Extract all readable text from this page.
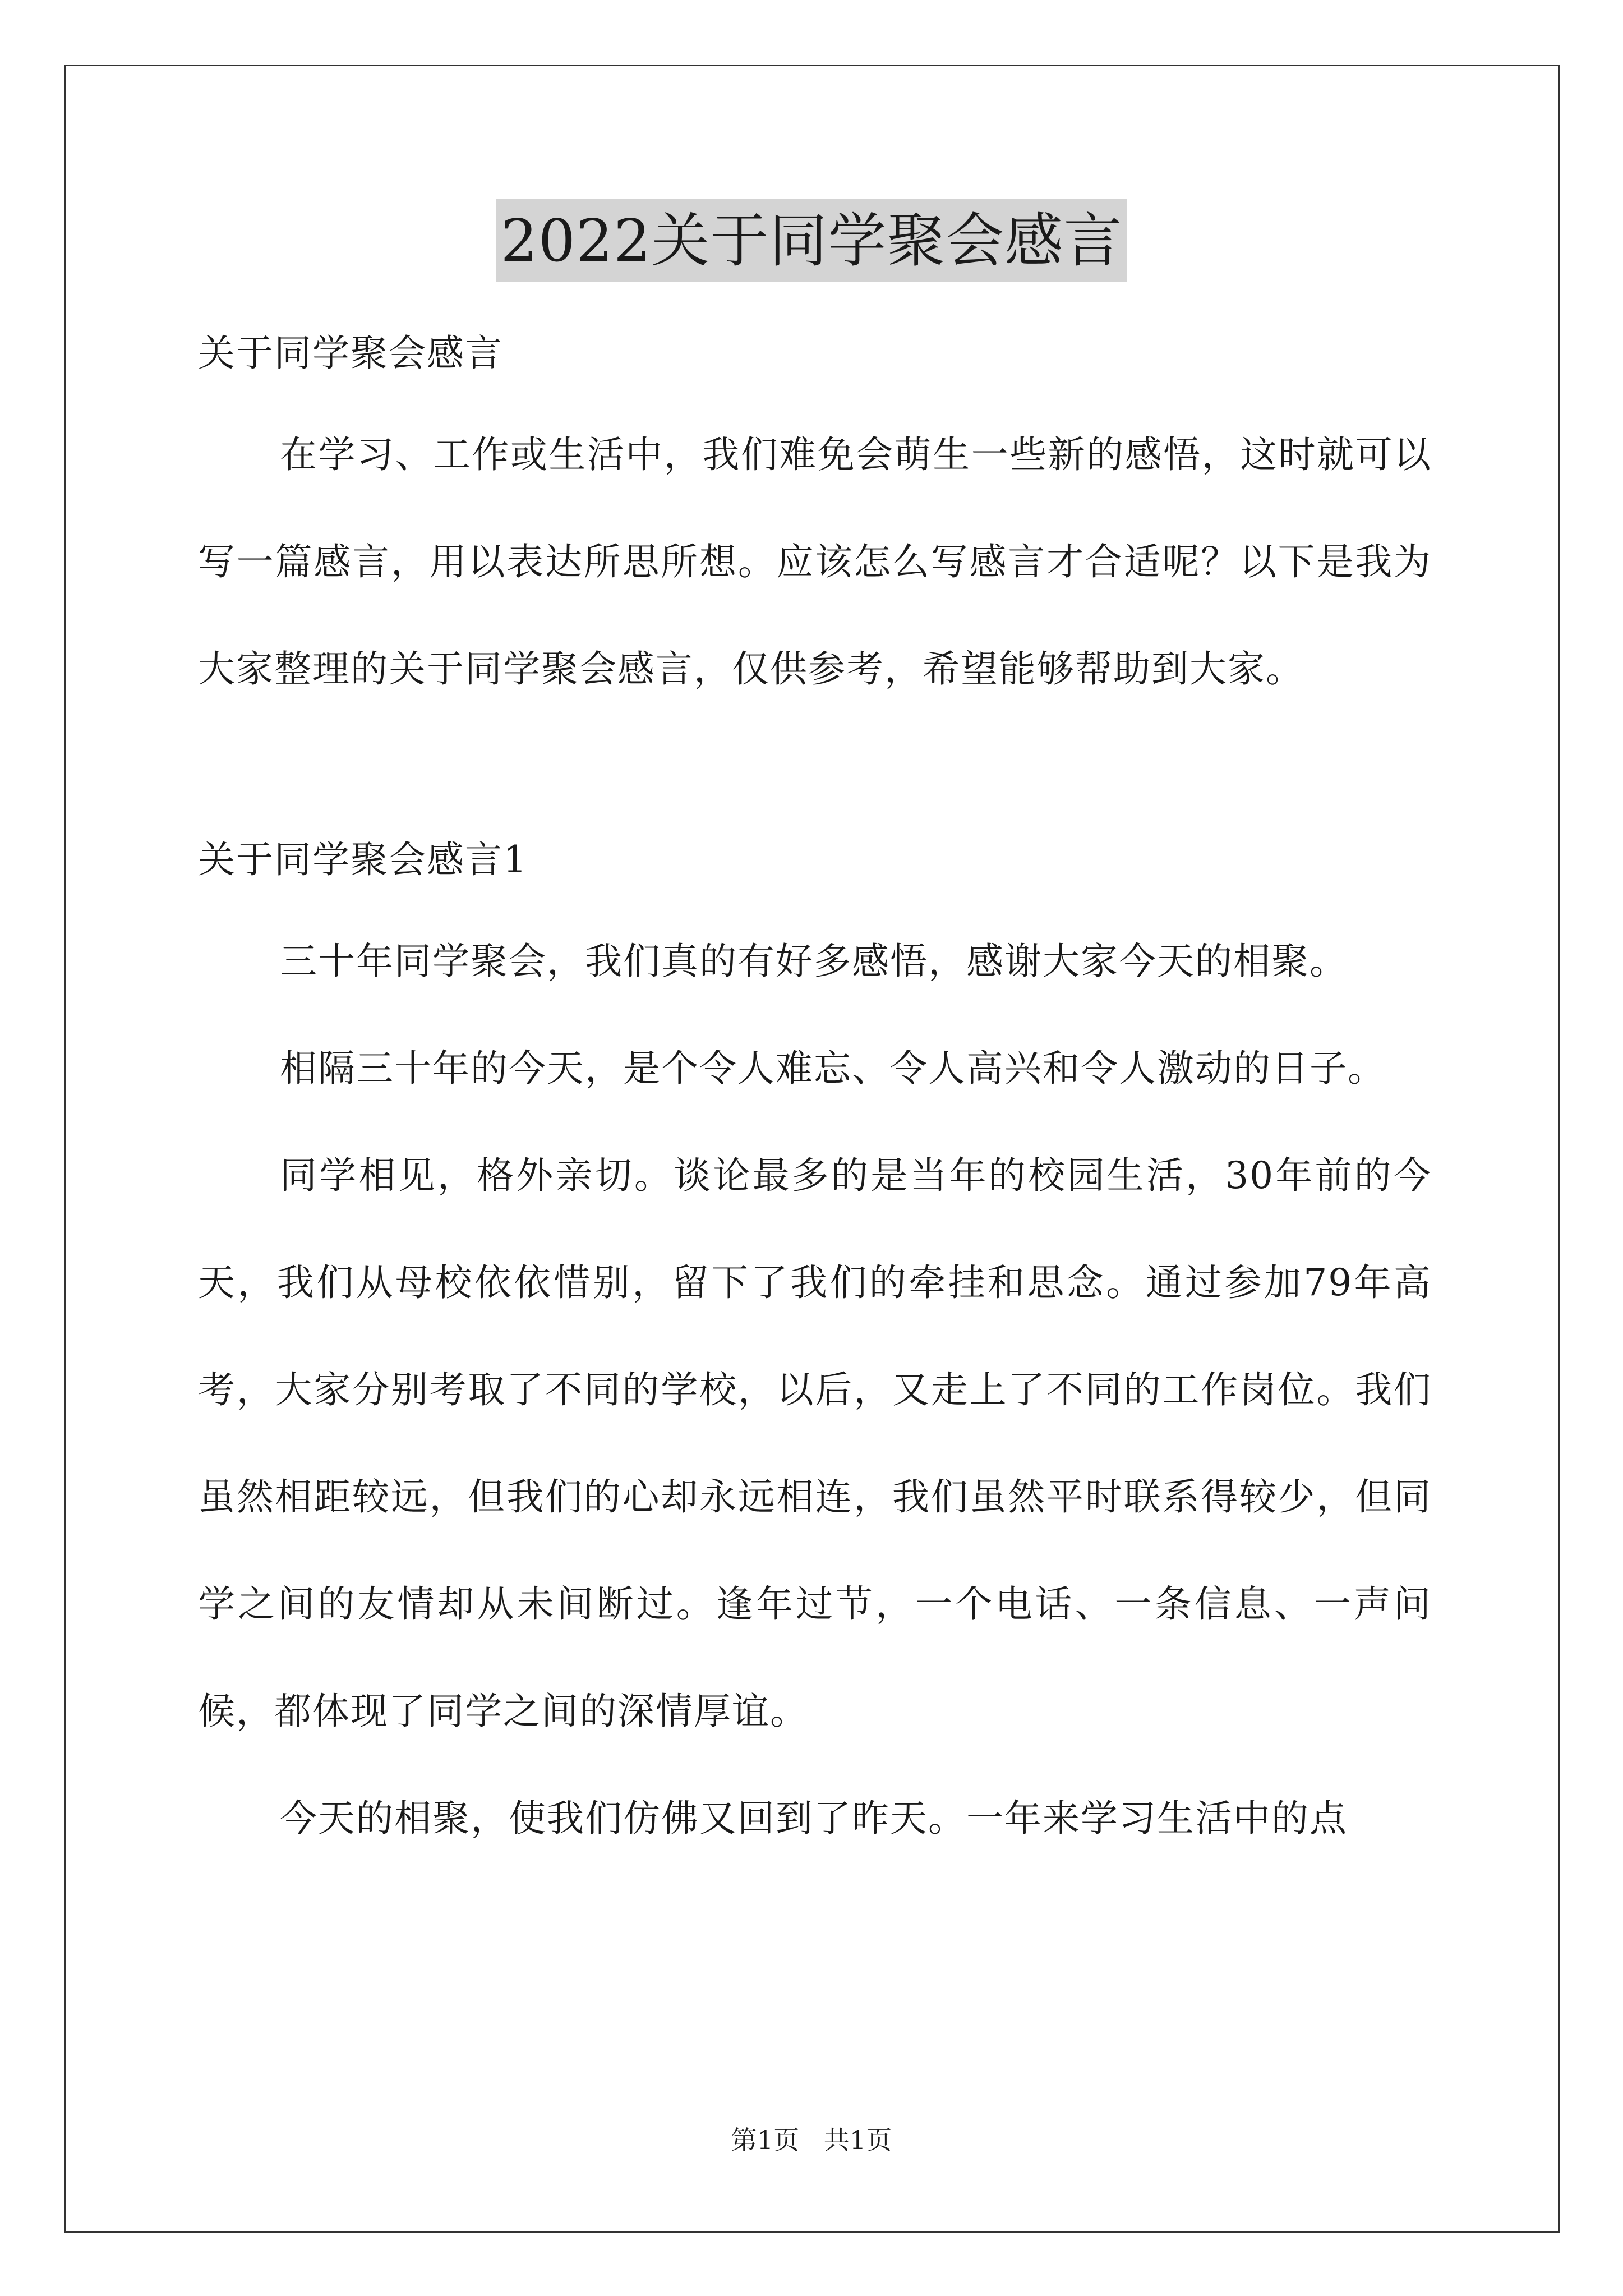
2022关于同学聚会感言

关于同学聚会感言

在学习、工作或生活中，我们难免会萌生一些新的感悟，这时就可以写一篇感言，用以表达所思所想。应该怎么写感言才合适呢？以下是我为大家整理的关于同学聚会感言，仅供参考，希望能够帮助到大家。

关于同学聚会感言1

三十年同学聚会，我们真的有好多感悟，感谢大家今天的相聚。

相隔三十年的今天，是个令人难忘、令人高兴和令人激动的日子。

同学相见，格外亲切。谈论最多的是当年的校园生活，30年前的今天，我们从母校依依惜别，留下了我们的牵挂和思念。通过参加79年高考，大家分别考取了不同的学校，以后，又走上了不同的工作岗位。我们虽然相距较远，但我们的心却永远相连，我们虽然平时联系得较少，但同学之间的友情却从未间断过。逢年过节，一个电话、一条信息、一声问候，都体现了同学之间的深情厚谊。

今天的相聚，使我们仿佛又回到了昨天。一年来学习生活中的点

第1页   共1页
